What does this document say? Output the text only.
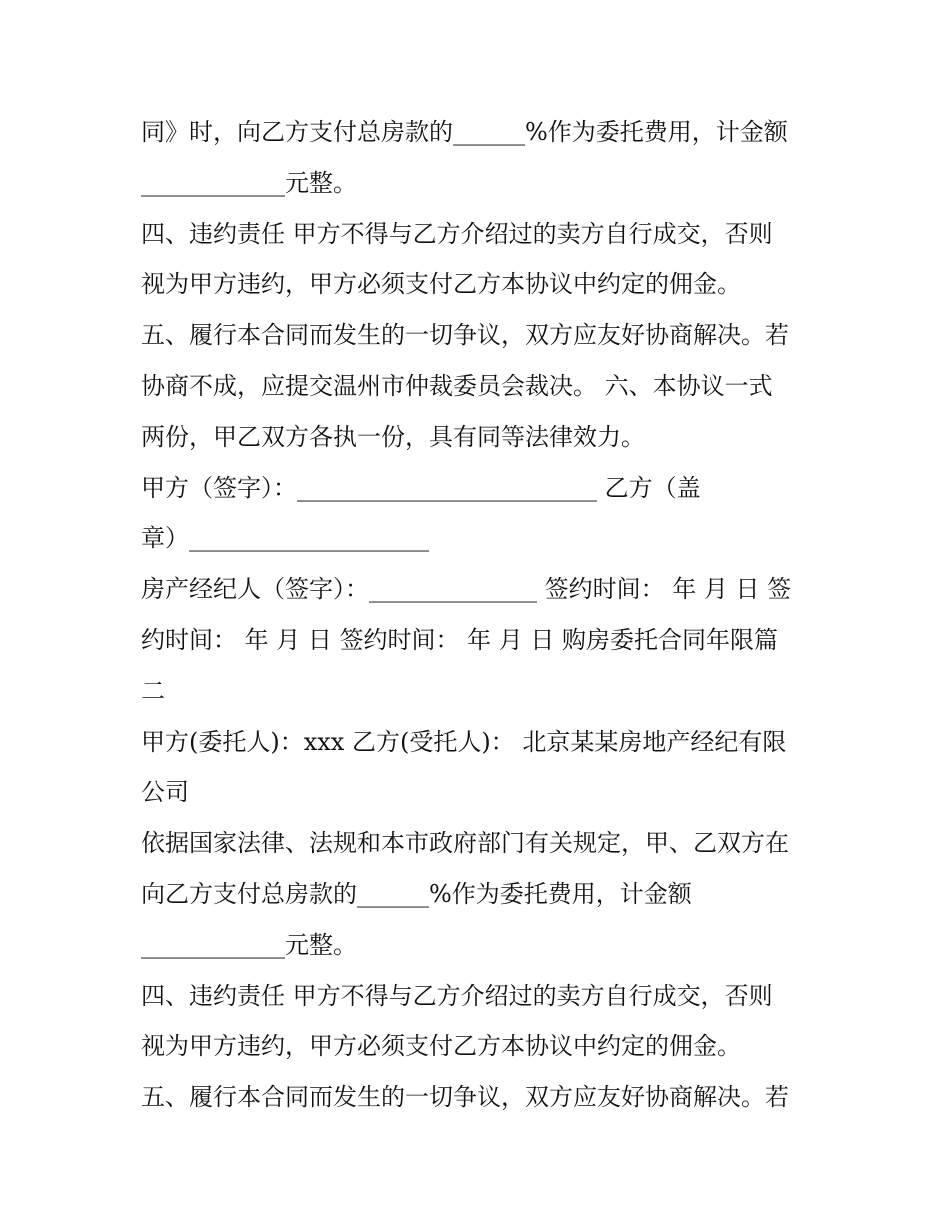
同》时，向乙方支付总房款的______%作为委托费用，计金额
____________元整。
四、违约责任 甲方不得与乙方介绍过的卖方自行成交，否则
视为甲方违约，甲方必须支付乙方本协议中约定的佣金。
五、履行本合同而发生的一切争议，双方应友好协商解决。若
协商不成，应提交温州市仲裁委员会裁决。 六、本协议一式
两份，甲乙双方各执一份，具有同等法律效力。
甲方（签字）：_________________________ 乙方（盖
章）____________________
房产经纪人（签字）：______________ 签约时间： 年 月 日 签
约时间： 年 月 日 签约时间： 年 月 日 购房委托合同年限篇
二
甲方(委托人)：xxx 乙方(受托人)： 北京某某房地产经纪有限
公司
依据国家法律、法规和本市政府部门有关规定，甲、乙双方在
向乙方支付总房款的______%作为委托费用，计金额
____________元整。
四、违约责任 甲方不得与乙方介绍过的卖方自行成交，否则
视为甲方违约，甲方必须支付乙方本协议中约定的佣金。
五、履行本合同而发生的一切争议，双方应友好协商解决。若
